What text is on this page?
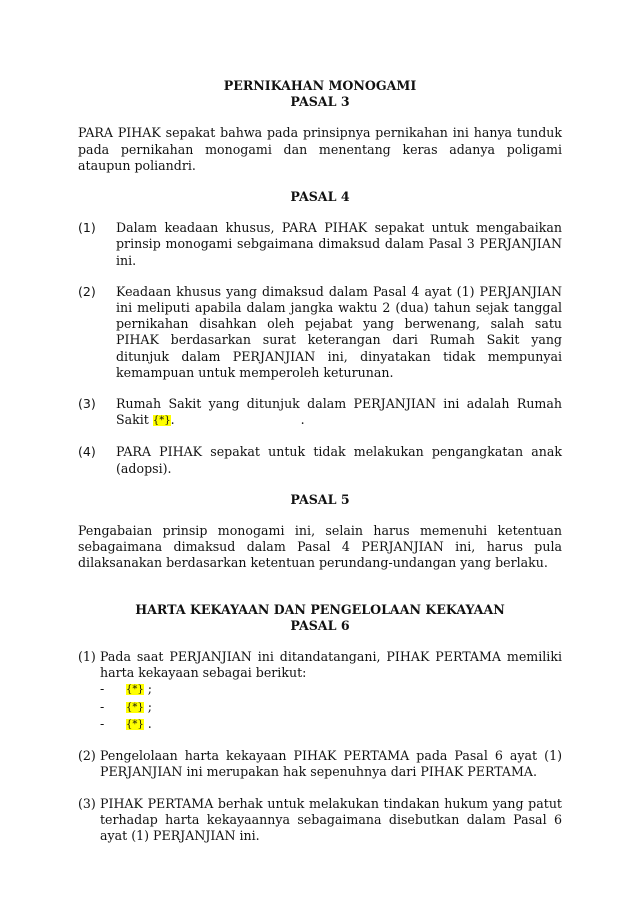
PERNIKAHAN MONOGAMI

PASAL 3

PARA PIHAK sepakat bahwa pada prinsipnya pernikahan ini hanya tunduk pada pernikahan monogami dan menentang keras adanya poligami ataupun poliandri.

PASAL 4

(1)	Dalam keadaan khusus, PARA PIHAK sepakat untuk mengabaikan prinsip monogami sebgaimana dimaksud dalam Pasal 3 PERJANJIAN ini.
(2)	Keadaan khusus yang dimaksud dalam Pasal 4 ayat (1) PERJANJIAN ini meliputi apabila dalam jangka waktu 2 (dua) tahun sejak tanggal pernikahan disahkan oleh pejabat yang berwenang, salah satu PIHAK berdasarkan surat keterangan dari Rumah Sakit yang ditunjuk dalam PERJANJIAN ini, dinyatakan tidak mempunyai kemampuan untuk memperoleh keturunan.
(3)	Rumah Sakit yang ditunjuk dalam PERJANJIAN ini adalah Rumah Sakit {*}.	.
(4)	PARA PIHAK sepakat untuk tidak melakukan pengangkatan anak (adopsi).

PASAL 5

Pengabaian prinsip monogami ini, selain harus memenuhi ketentuan sebagaimana dimaksud dalam Pasal 4 PERJANJIAN ini, harus pula dilaksanakan berdasarkan ketentuan perundang-undangan yang berlaku.

HARTA KEKAYAAN DAN PENGELOLAAN KEKAYAAN

PASAL 6

(1) Pada saat PERJANJIAN ini ditandatangani, PIHAK PERTAMA memiliki harta kekayaan sebagai berikut:
-	{*} ;
-	{*} ;
-	{*} .
(2) Pengelolaan harta kekayaan PIHAK PERTAMA pada Pasal 6 ayat (1) PERJANJIAN ini merupakan hak sepenuhnya dari PIHAK PERTAMA.
(3) PIHAK PERTAMA berhak untuk melakukan tindakan hukum yang patut terhadap harta kekayaannya sebagaimana disebutkan dalam Pasal 6 ayat (1) PERJANJIAN ini.
